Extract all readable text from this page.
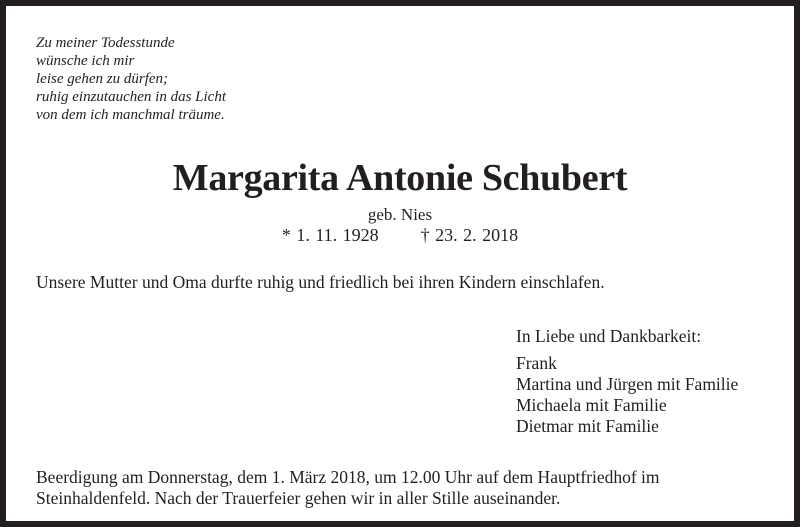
Zu meiner Todesstunde
wünsche ich mir
leise gehen zu dürfen;
ruhig einzutauchen in das Licht
von dem ich manchmal träume.
Margarita Antonie Schubert
geb. Nies
* 1. 11. 1928 † 23. 2. 2018
Unsere Mutter und Oma durfte ruhig und friedlich bei ihren Kindern einschlafen.
In Liebe und Dankbarkeit:
Frank
Martina und Jürgen mit Familie
Michaela mit Familie
Dietmar mit Familie
Beerdigung am Donnerstag, dem 1. März 2018, um 12.00 Uhr auf dem Hauptfriedhof im
Steinhaldenfeld. Nach der Trauerfeier gehen wir in aller Stille auseinander.
